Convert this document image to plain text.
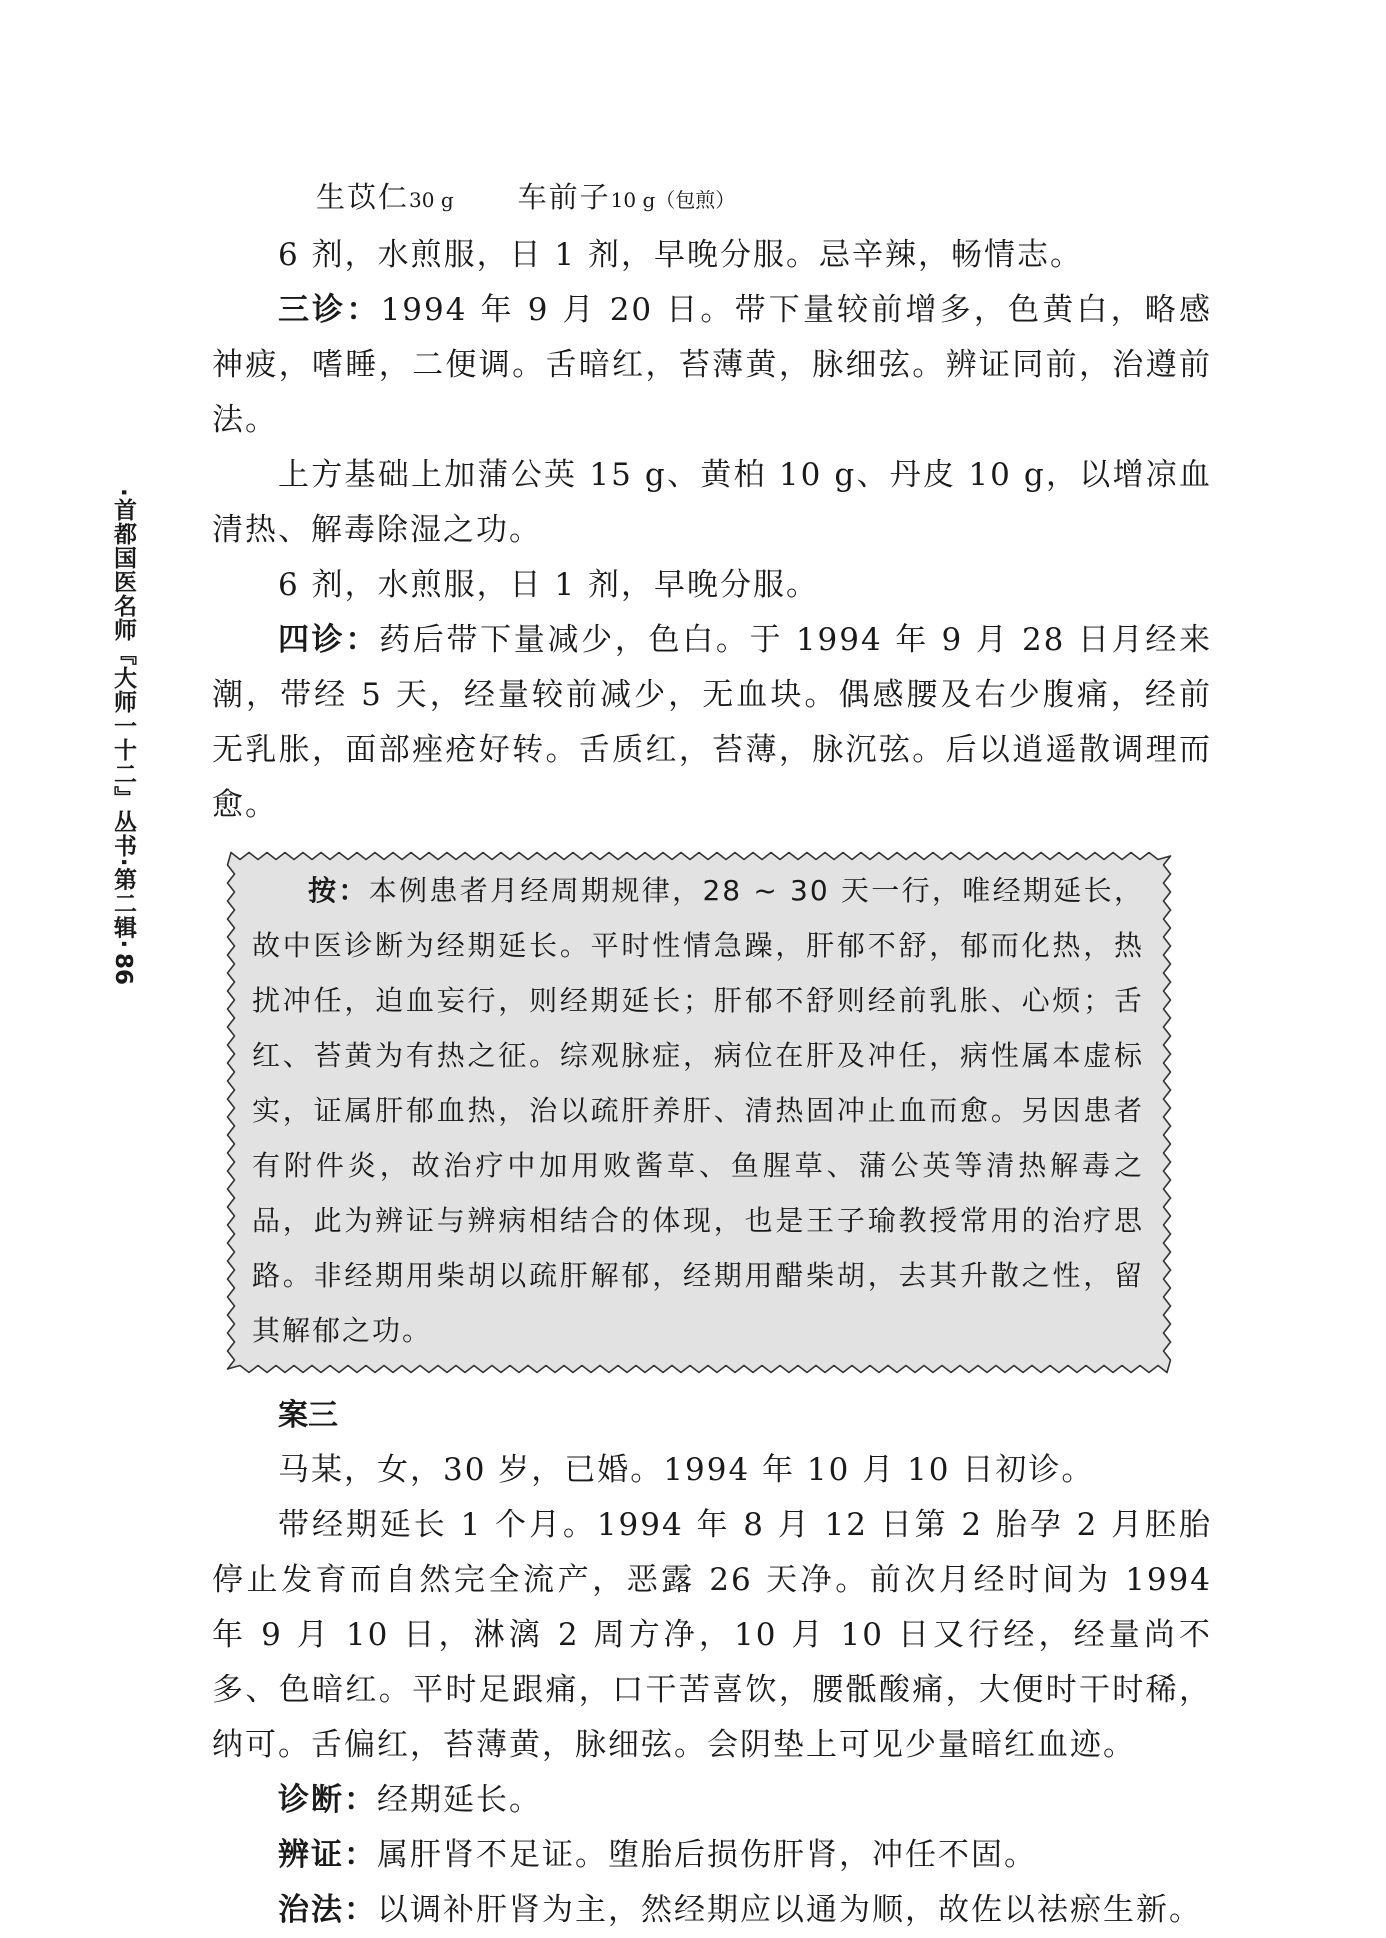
·首都国医名师『大师一十二』丛书·第二辑·
86
生苡仁30 g 车前子10 g（包煎）

6 剂，水煎服，日 1 剂，早晚分服。忌辛辣，畅情志。

三诊：1994 年 9 月 20 日。带下量较前增多，色黄白，略感神疲，嗜睡，二便调。舌暗红，苔薄黄，脉细弦。辨证同前，治遵前法。

上方基础上加蒲公英 15 g、黄柏 10 g、丹皮 10 g，以增凉血清热、解毒除湿之功。

6 剂，水煎服，日 1 剂，早晚分服。

四诊：药后带下量减少，色白。于 1994 年 9 月 28 日月经来潮，带经 5 天，经量较前减少，无血块。偶感腰及右少腹痛，经前无乳胀，面部痤疮好转。舌质红，苔薄，脉沉弦。后以逍遥散调理而愈。

按：本例患者月经周期规律，28 ~ 30 天一行，唯经期延长，故中医诊断为经期延长。平时性情急躁，肝郁不舒，郁而化热，热扰冲任，迫血妄行，则经期延长；肝郁不舒则经前乳胀、心烦；舌红、苔黄为有热之征。综观脉症，病位在肝及冲任，病性属本虚标实，证属肝郁血热，治以疏肝养肝、清热固冲止血而愈。另因患者有附件炎，故治疗中加用败酱草、鱼腥草、蒲公英等清热解毒之品，此为辨证与辨病相结合的体现，也是王子瑜教授常用的治疗思路。非经期用柴胡以疏肝解郁，经期用醋柴胡，去其升散之性，留其解郁之功。
案三

马某，女，30 岁，已婚。1994 年 10 月 10 日初诊。

带经期延长 1 个月。1994 年 8 月 12 日第 2 胎孕 2 月胚胎停止发育而自然完全流产，恶露 26 天净。前次月经时间为 1994 年 9 月 10 日，淋漓 2 周方净，10 月 10 日又行经，经量尚不多、色暗红。平时足跟痛，口干苦喜饮，腰骶酸痛，大便时干时稀，纳可。舌偏红，苔薄黄，脉细弦。会阴垫上可见少量暗红血迹。

诊断：经期延长。

辨证：属肝肾不足证。堕胎后损伤肝肾，冲任不固。

治法：以调补肝肾为主，然经期应以通为顺，故佐以祛瘀生新。
